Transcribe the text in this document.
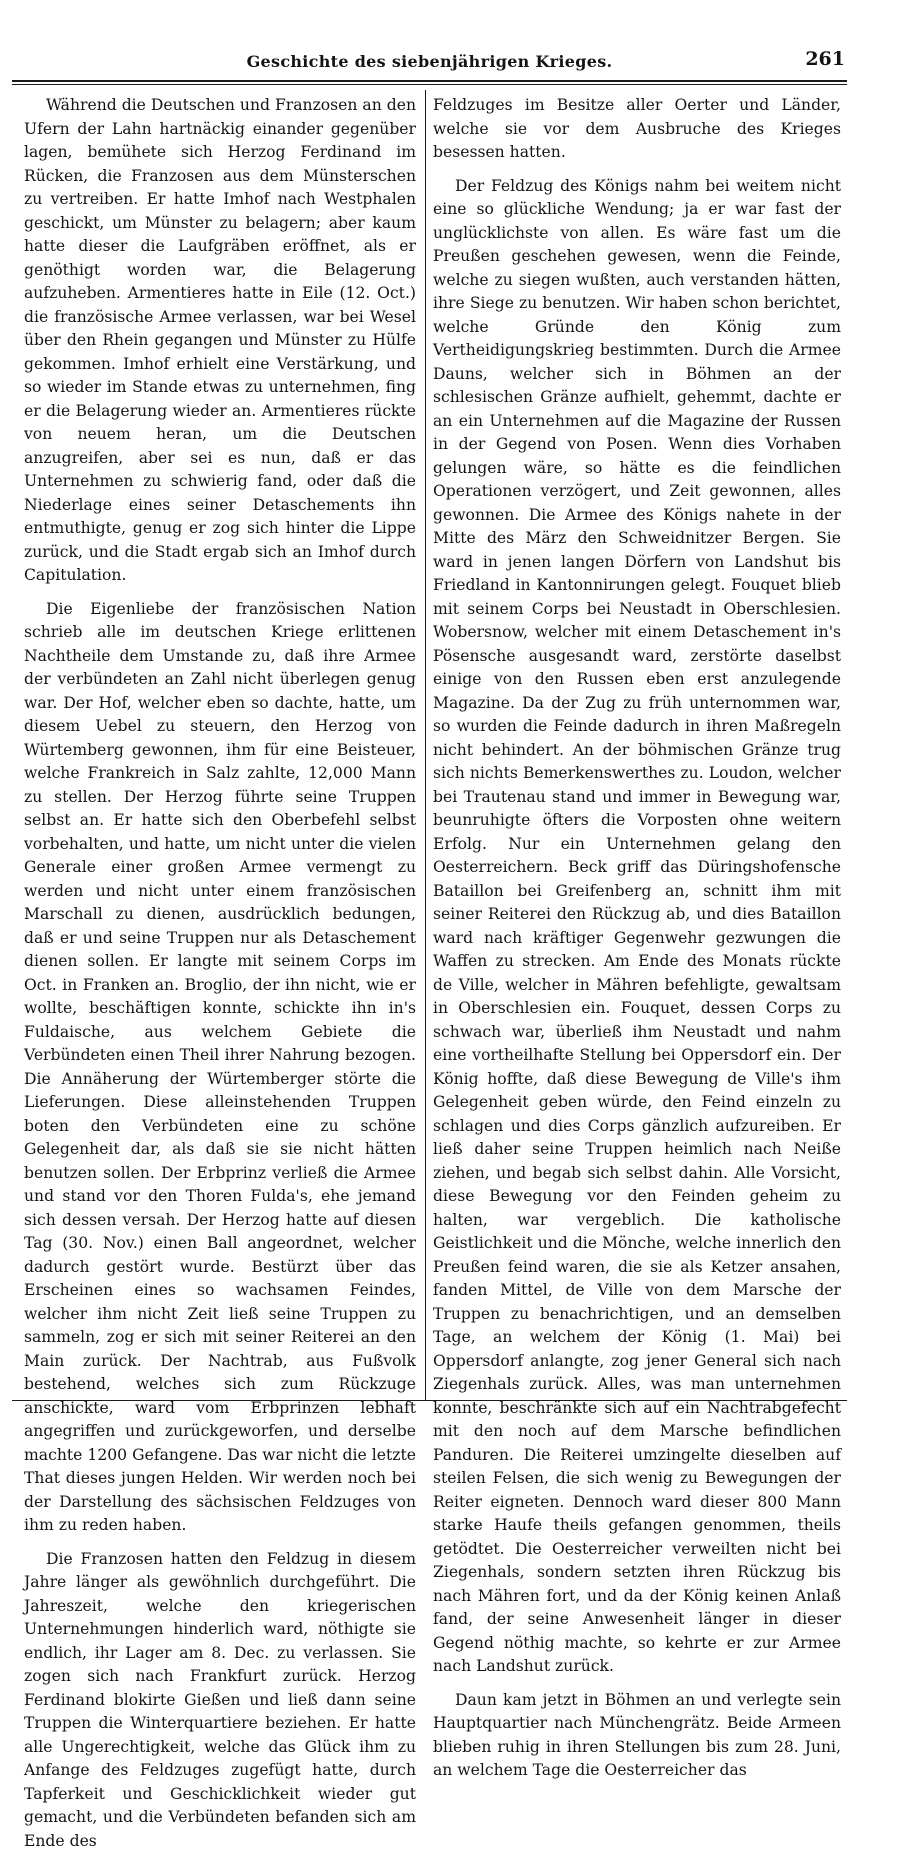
Geschichte des siebenjährigen Krieges.	261

Während die Deutschen und Franzosen an den Ufern der Lahn hartnäckig einander gegenüber lagen, bemühete sich Herzog Ferdinand im Rücken, die Franzosen aus dem Münsterschen zu vertreiben. Er hatte Imhof nach Westphalen geschickt, um Münster zu belagern; aber kaum hatte dieser die Laufgräben eröffnet, als er genöthigt worden war, die Belagerung aufzuheben. Armentieres hatte in Eile (12. Oct.) die französische Armee verlassen, war bei Wesel über den Rhein gegangen und Münster zu Hülfe gekommen. Imhof erhielt eine Verstärkung, und so wieder im Stande etwas zu unternehmen, fing er die Belagerung wieder an. Armentieres rückte von neuem heran, um die Deutschen anzugreifen, aber sei es nun, daß er das Unternehmen zu schwierig fand, oder daß die Niederlage eines seiner Detaschements ihn entmuthigte, genug er zog sich hinter die Lippe zurück, und die Stadt ergab sich an Imhof durch Capitulation.

Die Eigenliebe der französischen Nation schrieb alle im deutschen Kriege erlittenen Nachtheile dem Umstande zu, daß ihre Armee der verbündeten an Zahl nicht überlegen genug war. Der Hof, welcher eben so dachte, hatte, um diesem Uebel zu steuern, den Herzog von Würtemberg gewonnen, ihm für eine Beisteuer, welche Frankreich in Salz zahlte, 12,000 Mann zu stellen. Der Herzog führte seine Truppen selbst an. Er hatte sich den Oberbefehl selbst vorbehalten, und hatte, um nicht unter die vielen Generale einer großen Armee vermengt zu werden und nicht unter einem französischen Marschall zu dienen, ausdrücklich bedungen, daß er und seine Truppen nur als Detaschement dienen sollen. Er langte mit seinem Corps im Oct. in Franken an. Broglio, der ihn nicht, wie er wollte, beschäftigen konnte, schickte ihn in's Fuldaische, aus welchem Gebiete die Verbündeten einen Theil ihrer Nahrung bezogen. Die Annäherung der Würtemberger störte die Lieferungen. Diese alleinstehenden Truppen boten den Verbündeten eine zu schöne Gelegenheit dar, als daß sie sie nicht hätten benutzen sollen. Der Erbprinz verließ die Armee und stand vor den Thoren Fulda's, ehe jemand sich dessen versah. Der Herzog hatte auf diesen Tag (30. Nov.) einen Ball angeordnet, welcher dadurch gestört wurde. Bestürzt über das Erscheinen eines so wachsamen Feindes, welcher ihm nicht Zeit ließ seine Truppen zu sammeln, zog er sich mit seiner Reiterei an den Main zurück. Der Nachtrab, aus Fußvolk bestehend, welches sich zum Rückzuge anschickte, ward vom Erbprinzen lebhaft angegriffen und zurückgeworfen, und derselbe machte 1200 Gefangene. Das war nicht die letzte That dieses jungen Helden. Wir werden noch bei der Darstellung des sächsischen Feldzuges von ihm zu reden haben.

Die Franzosen hatten den Feldzug in diesem Jahre länger als gewöhnlich durchgeführt. Die Jahreszeit, welche den kriegerischen Unternehmungen hinderlich ward, nöthigte sie endlich, ihr Lager am 8. Dec. zu verlassen. Sie zogen sich nach Frankfurt zurück. Herzog Ferdinand blokirte Gießen und ließ dann seine Truppen die Winterquartiere beziehen. Er hatte alle Ungerechtigkeit, welche das Glück ihm zu Anfange des Feldzuges zugefügt hatte, durch Tapferkeit und Geschicklichkeit wieder gut gemacht, und die Verbündeten befanden sich am Ende des

Feldzuges im Besitze aller Oerter und Länder, welche sie vor dem Ausbruche des Krieges besessen hatten.

Der Feldzug des Königs nahm bei weitem nicht eine so glückliche Wendung; ja er war fast der unglücklichste von allen. Es wäre fast um die Preußen geschehen gewesen, wenn die Feinde, welche zu siegen wußten, auch verstanden hätten, ihre Siege zu benutzen. Wir haben schon berichtet, welche Gründe den König zum Vertheidigungskrieg bestimmten. Durch die Armee Dauns, welcher sich in Böhmen an der schlesischen Gränze aufhielt, gehemmt, dachte er an ein Unternehmen auf die Magazine der Russen in der Gegend von Posen. Wenn dies Vorhaben gelungen wäre, so hätte es die feindlichen Operationen verzögert, und Zeit gewonnen, alles gewonnen. Die Armee des Königs nahete in der Mitte des März den Schweidnitzer Bergen. Sie ward in jenen langen Dörfern von Landshut bis Friedland in Kantonnirungen gelegt. Fouquet blieb mit seinem Corps bei Neustadt in Oberschlesien. Wobersnow, welcher mit einem Detaschement in's Pösensche ausgesandt ward, zerstörte daselbst einige von den Russen eben erst anzulegende Magazine. Da der Zug zu früh unternommen war, so wurden die Feinde dadurch in ihren Maßregeln nicht behindert. An der böhmischen Gränze trug sich nichts Bemerkenswerthes zu. Loudon, welcher bei Trautenau stand und immer in Bewegung war, beunruhigte öfters die Vorposten ohne weitern Erfolg. Nur ein Unternehmen gelang den Oesterreichern. Beck griff das Düringshofensche Bataillon bei Greifenberg an, schnitt ihm mit seiner Reiterei den Rückzug ab, und dies Bataillon ward nach kräftiger Gegenwehr gezwungen die Waffen zu strecken. Am Ende des Monats rückte de Ville, welcher in Mähren befehligte, gewaltsam in Oberschlesien ein. Fouquet, dessen Corps zu schwach war, überließ ihm Neustadt und nahm eine vortheilhafte Stellung bei Oppersdorf ein. Der König hoffte, daß diese Bewegung de Ville's ihm Gelegenheit geben würde, den Feind einzeln zu schlagen und dies Corps gänzlich aufzureiben. Er ließ daher seine Truppen heimlich nach Neiße ziehen, und begab sich selbst dahin. Alle Vorsicht, diese Bewegung vor den Feinden geheim zu halten, war vergeblich. Die katholische Geistlichkeit und die Mönche, welche innerlich den Preußen feind waren, die sie als Ketzer ansahen, fanden Mittel, de Ville von dem Marsche der Truppen zu benachrichtigen, und an demselben Tage, an welchem der König (1. Mai) bei Oppersdorf anlangte, zog jener General sich nach Ziegenhals zurück. Alles, was man unternehmen konnte, beschränkte sich auf ein Nachtrabgefecht mit den noch auf dem Marsche befindlichen Panduren. Die Reiterei umzingelte dieselben auf steilen Felsen, die sich wenig zu Bewegungen der Reiter eigneten. Dennoch ward dieser 800 Mann starke Haufe theils gefangen genommen, theils getödtet. Die Oesterreicher verweilten nicht bei Ziegenhals, sondern setzten ihren Rückzug bis nach Mähren fort, und da der König keinen Anlaß fand, der seine Anwesenheit länger in dieser Gegend nöthig machte, so kehrte er zur Armee nach Landshut zurück.

Daun kam jetzt in Böhmen an und verlegte sein Hauptquartier nach Münchengrätz. Beide Armeen blieben ruhig in ihren Stellungen bis zum 28. Juni, an welchem Tage die Oesterreicher das
